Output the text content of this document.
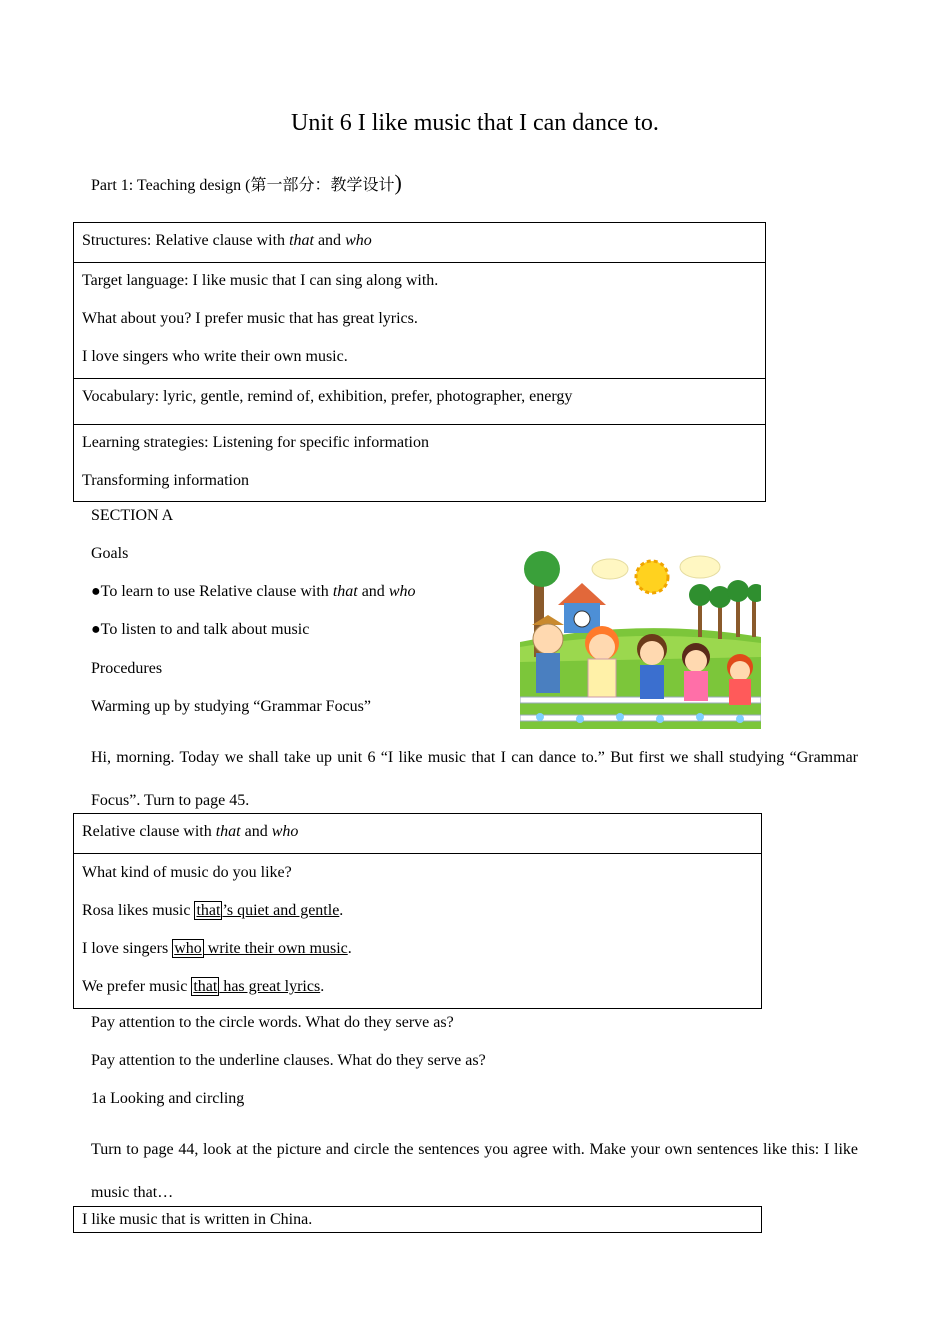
Unit 6 I like music that I can dance to.
Part 1: Teaching design (第一部分：教学设计)
Structures: Relative clause with that and who
Target language: I like music that I can sing along with.
What about you? I prefer music that has great lyrics.
I love singers who write their own music.
Vocabulary: lyric, gentle, remind of, exhibition, prefer, photographer, energy
Learning strategies: Listening for specific information
Transforming information
SECTION A
Goals
●To learn to use Relative clause with that and who
●To listen to and talk about music
Procedures
Warming up by studying “Grammar Focus”
Hi, morning. Today we shall take up unit 6 “I like music that I can dance to.” But first we shall studying “Grammar Focus”. Turn to page 45.
Relative clause with that and who
What kind of music do you like?
Rosa likes music that ’s quiet and gentle.
I love singers who write their own music.
We prefer music that has great lyrics.
Pay attention to the circle words. What do they serve as?
Pay attention to the underline clauses. What do they serve as?
1a Looking and circling
Turn to page 44, look at the picture and circle the sentences you agree with. Make your own sentences like this: I like music that…
I like music that is written in China.
